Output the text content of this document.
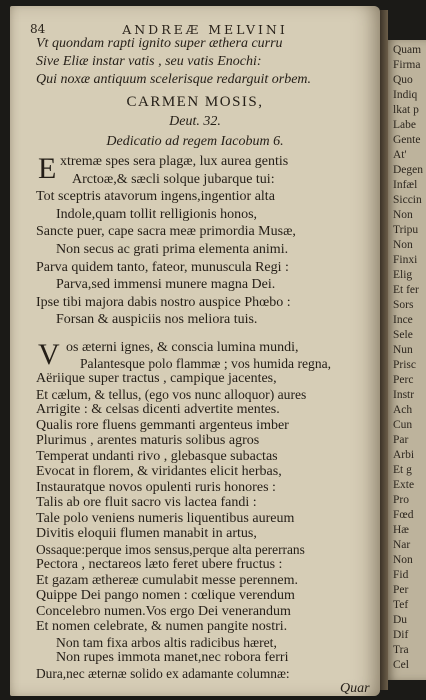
84	ANDREÆ MELVINI
Vt quondam rapti ignito super æthera curru
Sive Eliæ instar vatis , seu vatis Enochi:
Qui noxæ antiquum scelerisque redarguit orbem.
CARMEN MOSIS,
Deut. 32.
Dedicatio ad regem Iacobum 6.
E xtremæ spes sera plagæ, lux aurea gentis
Arctoæ,& sæcli solque jubarque tui:
Tot sceptris atavorum ingens,ingentior alta
Indole,quam tollit relligionis honos,
Sancte puer, cape sacra meæ primordia Musæ,
Non secus ac grati prima elementa animi.
Parva quidem tanto, fateor, munuscula Regi :
Parva,sed immensi munere magna Dei.
Ipse tibi majora dabis nostro auspice Phœbo :
Forsan & auspiciis nos meliora tuis.
V os æterni ignes, & conscia lumina mundi,
Palantesque polo flammæ ; vos humida regna,
Aëriique super tractus , campique jacentes,
Et cælum, & tellus, (ego vos nunc alloquor) aures
Arrigite : & celsas dicenti advertite mentes.
Qualis rore fluens gemmanti argenteus imber
Plurimus , arentes maturis solibus agros
Temperat undanti rivo , glebasque subactas
Evocat in florem, & viridantes elicit herbas,
Instauratque novos opulenti ruris honores :
Talis ab ore fluit sacro vis lactea fandi :
Tale polo veniens numeris liquentibus aureum
Divitis eloquii flumen manabit in artus,
Ossaque:perque imos sensus,perque alta pererrans
Pectora , nectareos læto feret ubere fructus :
Et gazam æthereæ cumulabit messe perennem.
Quippe Dei pango nomen : cœlique verendum
Concelebro numen.Vos ergo Dei venerandum
Et nomen celebrate, & numen pangite nostri.
Non tam fixa arbos altis radicibus hæret,
Non rupes immota manet,nec robora ferri
Dura,nec æternæ solido ex adamante columnæ:
Quar
Quam
Firma
Quo
Indiq
lkat p
Labe
Gente
At'
Degen
Infæl
Siccin
Non
Tripu
Non
Finxi
Elig
Et fer
Sors
Ince
Sele
Nun
Prisc
Perc
Instr
Ach
Cun
Par
Arbi
Et g
Exte
Pro
Fœd
Hæ
Nar
Non
Fid
Per
Tef
Du
Dif
Tra
Cel
